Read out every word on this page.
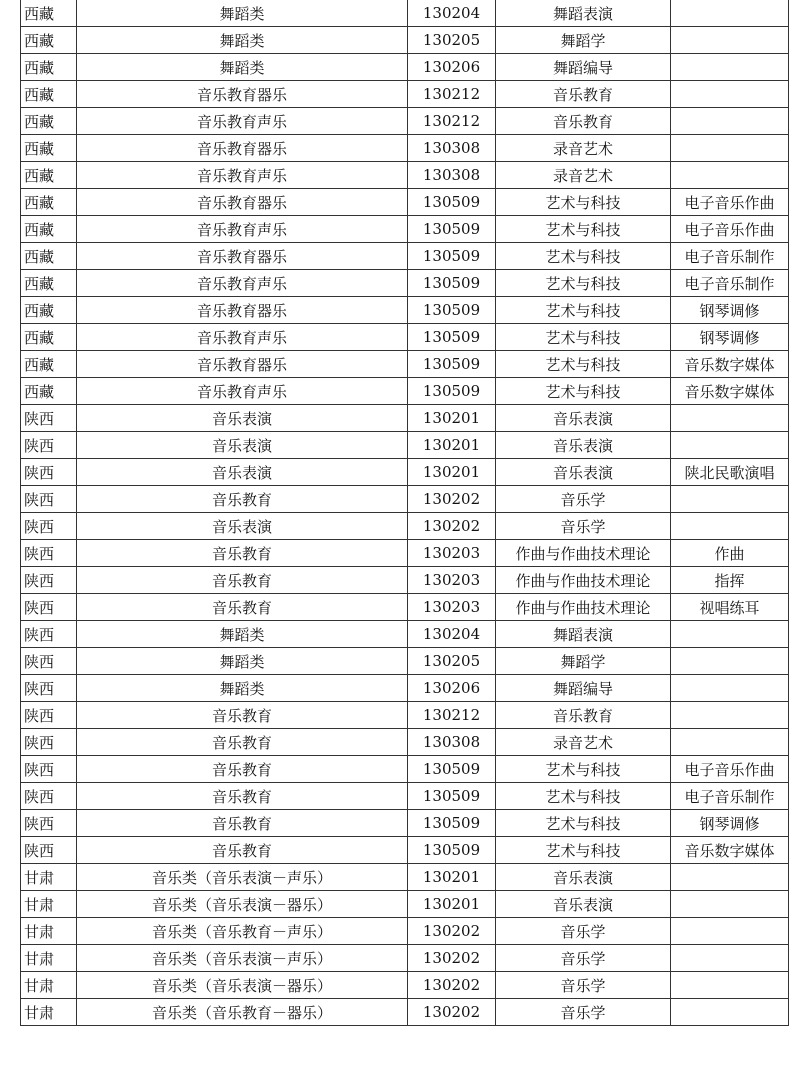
西藏	舞蹈类	130204	舞蹈表演	
西藏	舞蹈类	130205	舞蹈学	
西藏	舞蹈类	130206	舞蹈编导	
西藏	音乐教育器乐	130212	音乐教育	
西藏	音乐教育声乐	130212	音乐教育	
西藏	音乐教育器乐	130308	录音艺术	
西藏	音乐教育声乐	130308	录音艺术	
西藏	音乐教育器乐	130509	艺术与科技	电子音乐作曲
西藏	音乐教育声乐	130509	艺术与科技	电子音乐作曲
西藏	音乐教育器乐	130509	艺术与科技	电子音乐制作
西藏	音乐教育声乐	130509	艺术与科技	电子音乐制作
西藏	音乐教育器乐	130509	艺术与科技	钢琴调修
西藏	音乐教育声乐	130509	艺术与科技	钢琴调修
西藏	音乐教育器乐	130509	艺术与科技	音乐数字媒体
西藏	音乐教育声乐	130509	艺术与科技	音乐数字媒体
陕西	音乐表演	130201	音乐表演	
陕西	音乐表演	130201	音乐表演	
陕西	音乐表演	130201	音乐表演	陕北民歌演唱
陕西	音乐教育	130202	音乐学	
陕西	音乐表演	130202	音乐学	
陕西	音乐教育	130203	作曲与作曲技术理论	作曲
陕西	音乐教育	130203	作曲与作曲技术理论	指挥
陕西	音乐教育	130203	作曲与作曲技术理论	视唱练耳
陕西	舞蹈类	130204	舞蹈表演	
陕西	舞蹈类	130205	舞蹈学	
陕西	舞蹈类	130206	舞蹈编导	
陕西	音乐教育	130212	音乐教育	
陕西	音乐教育	130308	录音艺术	
陕西	音乐教育	130509	艺术与科技	电子音乐作曲
陕西	音乐教育	130509	艺术与科技	电子音乐制作
陕西	音乐教育	130509	艺术与科技	钢琴调修
陕西	音乐教育	130509	艺术与科技	音乐数字媒体
甘肃	音乐类（音乐表演－声乐）	130201	音乐表演	
甘肃	音乐类（音乐表演－器乐）	130201	音乐表演	
甘肃	音乐类（音乐教育－声乐）	130202	音乐学	
甘肃	音乐类（音乐表演－声乐）	130202	音乐学	
甘肃	音乐类（音乐表演－器乐）	130202	音乐学	
甘肃	音乐类（音乐教育－器乐）	130202	音乐学	
